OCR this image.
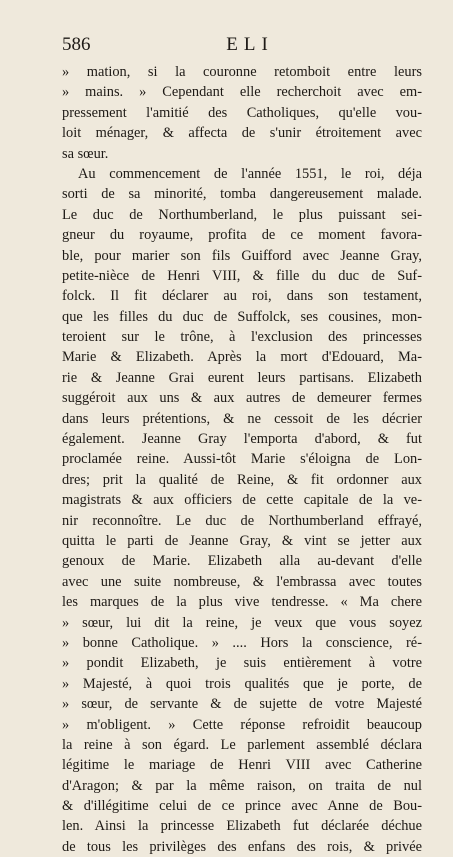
586	ELI
» mation, si la couronne retomboit entre leurs
» mains. » Cependant elle recherchoit avec em-
pressement l'amitié des Catholiques, qu'elle vou-
loit ménager, & affecta de s'unir étroitement avec
sa sœur.
Au commencement de l'année 1551, le roi, déja
sorti de sa minorité, tomba dangereusement malade.
Le duc de Northumberland, le plus puissant sei-
gneur du royaume, profita de ce moment favora-
ble, pour marier son fils Guifford avec Jeanne Gray,
petite-nièce de Henri VIII, & fille du duc de Suf-
folck. Il fit déclarer au roi, dans son testament,
que les filles du duc de Suffolck, ses cousines, mon-
teroient sur le trône, à l'exclusion des princesses
Marie & Elizabeth. Après la mort d'Edouard, Ma-
rie & Jeanne Grai eurent leurs partisans. Elizabeth
suggéroit aux uns & aux autres de demeurer fermes
dans leurs prétentions, & ne cessoit de les décrier
également. Jeanne Gray l'emporta d'abord, & fut
proclamée reine. Aussi-tôt Marie s'éloigna de Lon-
dres; prit la qualité de Reine, & fit ordonner aux
magistrats & aux officiers de cette capitale de la ve-
nir reconnoître. Le duc de Northumberland effrayé,
quitta le parti de Jeanne Gray, & vint se jetter aux
genoux de Marie. Elizabeth alla au-devant d'elle
avec une suite nombreuse, & l'embrassa avec toutes
les marques de la plus vive tendresse. « Ma chere
» sœur, lui dit la reine, je veux que vous soyez
» bonne Catholique. » .... Hors la conscience, ré-
» pondit Elizabeth, je suis entièrement à votre
» Majesté, à quoi trois qualités que je porte, de
» sœur, de servante & de sujette de votre Majesté
» m'obligent. » Cette réponse refroidit beaucoup
la reine à son égard. Le parlement assemblé déclara
légitime le mariage de Henri VIII avec Catherine
d'Aragon; & par la même raison, on traita de nul
& d'illégitime celui de ce prince avec Anne de Bou-
len. Ainsi la princesse Elizabeth fut déclarée déchue
de tous les privilèges des enfans des rois, & privée
